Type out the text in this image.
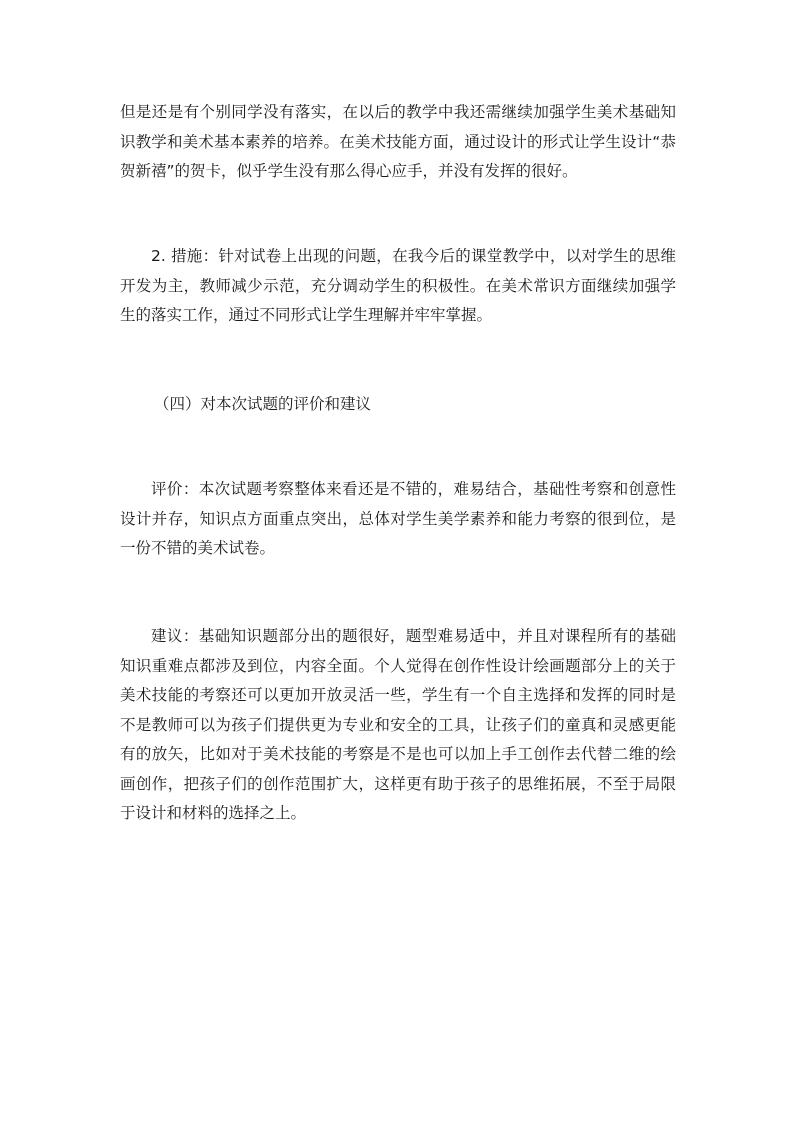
但是还是有个别同学没有落实，在以后的教学中我还需继续加强学生美术基础知识教学和美术基本素养的培养。在美术技能方面，通过设计的形式让学生设计“恭贺新禧”的贺卡，似乎学生没有那么得心应手，并没有发挥的很好。

2. 措施：针对试卷上出现的问题，在我今后的课堂教学中，以对学生的思维开发为主，教师减少示范，充分调动学生的积极性。在美术常识方面继续加强学生的落实工作，通过不同形式让学生理解并牢牢掌握。

（四）对本次试题的评价和建议

评价：本次试题考察整体来看还是不错的，难易结合，基础性考察和创意性设计并存，知识点方面重点突出，总体对学生美学素养和能力考察的很到位，是一份不错的美术试卷。

建议：基础知识题部分出的题很好，题型难易适中，并且对课程所有的基础知识重难点都涉及到位，内容全面。个人觉得在创作性设计绘画题部分上的关于美术技能的考察还可以更加开放灵活一些，学生有一个自主选择和发挥的同时是不是教师可以为孩子们提供更为专业和安全的工具，让孩子们的童真和灵感更能有的放矢，比如对于美术技能的考察是不是也可以加上手工创作去代替二维的绘画创作，把孩子们的创作范围扩大，这样更有助于孩子的思维拓展，不至于局限于设计和材料的选择之上。
